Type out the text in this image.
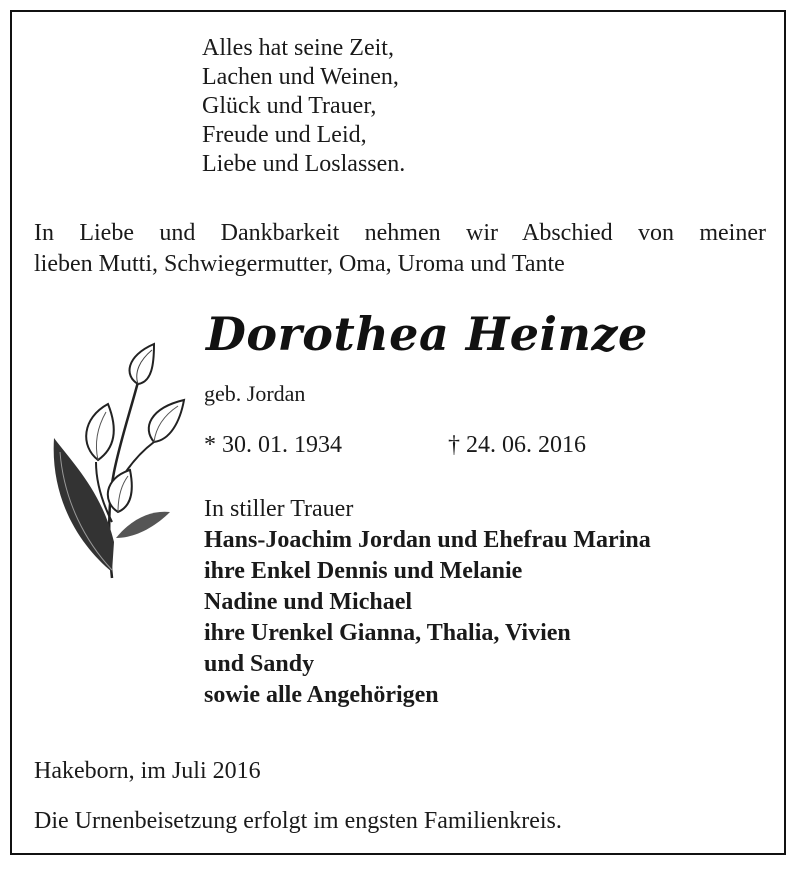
Alles hat seine Zeit,
Lachen und Weinen,
Glück und Trauer,
Freude und Leid,
Liebe und Loslassen.
In Liebe und Dankbarkeit nehmen wir Abschied von meiner
lieben Mutti, Schwiegermutter, Oma, Uroma und Tante
Dorothea Heinze
geb. Jordan
* 30. 01. 1934	† 24. 06. 2016
In stiller Trauer
Hans-Joachim Jordan und Ehefrau Marina
ihre Enkel Dennis und Melanie
Nadine und Michael
ihre Urenkel Gianna, Thalia, Vivien
und Sandy
sowie alle Angehörigen
Hakeborn, im Juli 2016
Die Urnenbeisetzung erfolgt im engsten Familienkreis.
